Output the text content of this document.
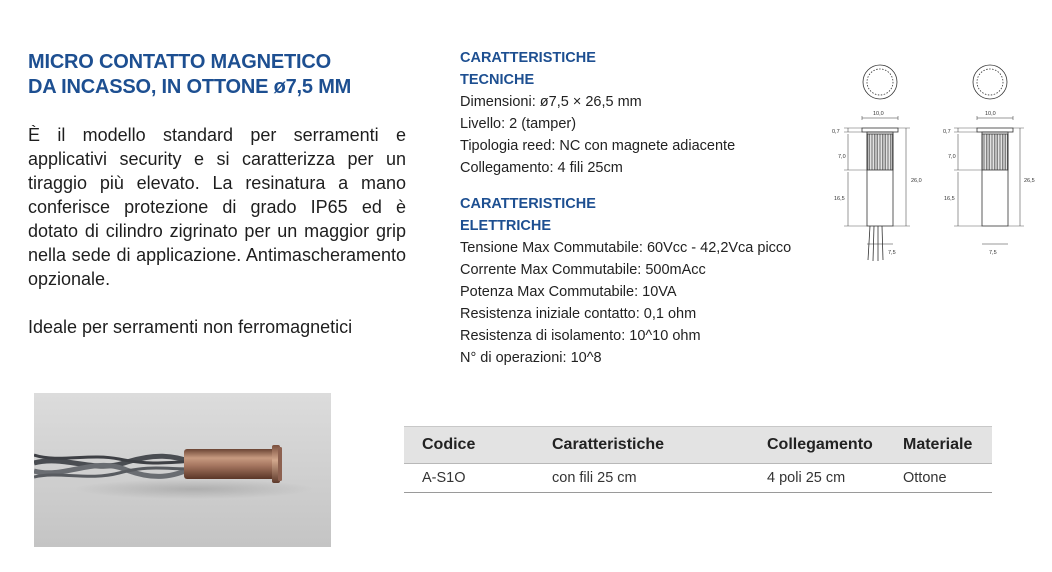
MICRO CONTATTO MAGNETICO
DA INCASSO, IN OTTONE ø7,5 MM

È il modello standard per serramenti e applicativi security e si caratterizza per un tiraggio più elevato. La resinatura a mano conferisce protezione di grado IP65 ed è dotato di cilindro zigrinato per un maggior grip nella sede di applicazione. Antimascheramento opzionale.

Ideale per serramenti non ferromagnetici

CARATTERISTICHE
TECNICHE
Dimensioni: ø7,5 × 26,5 mm
Livello: 2 (tamper)
Tipologia reed: NC con magnete adiacente
Collegamento: 4 fili 25cm
CARATTERISTICHE
ELETTRICHE
Tensione Max Commutabile: 60Vcc - 42,2Vca picco
Corrente Max Commutabile: 500mAcc
Potenza Max Commutabile: 10VA
Resistenza iniziale contatto: 0,1 ohm
Resistenza di isolamento: 10^10 ohm
N° di operazioni: 10^8
10,0
0,7
7,0
16,5
26,0
7,5
10,0
0,7
7,0
16,5
26,5
7,5
Codice	Caratteristiche	Collegamento	Materiale
A-S1O	con fili 25 cm	4 poli 25 cm	Ottone
